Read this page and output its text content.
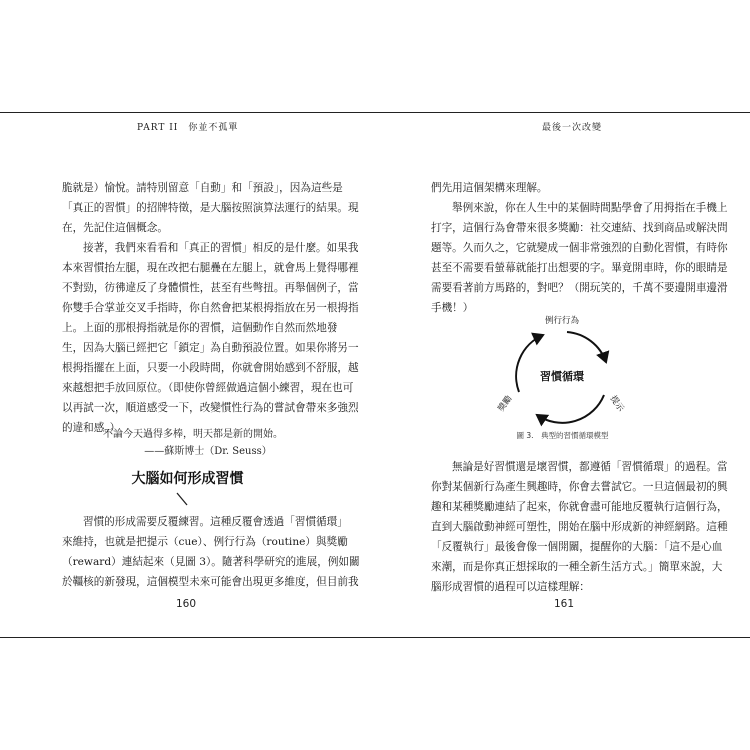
PART II　你並不孤單
脆就是）愉悅。請特別留意「自動」和「預設」，因為這些是
「真正的習慣」的招牌特徵，是大腦按照演算法運行的結果。現
在，先記住這個概念。
接著，我們來看看和「真正的習慣」相反的是什麼。如果我
本來習慣抬左腿，現在改把右腿疊在左腿上，就會馬上覺得哪裡
不對勁，彷彿違反了身體慣性，甚至有些彆扭。再舉個例子，當
你雙手合掌並交叉手指時，你自然會把某根拇指放在另一根拇指
上。上面的那根拇指就是你的習慣，這個動作自然而然地發
生，因為大腦已經把它「鎖定」為自動預設位置。如果你將另一
根拇指擺在上面，只要一小段時間，你就會開始感到不舒服，越
來越想把手放回原位。（即使你曾經做過這個小練習，現在也可
以再試一次，順道感受一下，改變慣性行為的嘗試會帶來多強烈
的違和感。）
不論今天過得多棒，明天都是新的開始。
——蘇斯博士（Dr. Seuss）
大腦如何形成習慣
習慣的形成需要反覆練習。這種反覆會透過「習慣循環」
來維持，也就是把提示（cue）、例行行為（routine）與獎勵
（reward）連結起來（見圖 3）。隨著科學研究的進展，例如關
於韁核的新發現，這個模型未來可能會出現更多維度，但目前我
160
最後一次改變
們先用這個架構來理解。
舉例來說，你在人生中的某個時間點學會了用拇指在手機上
打字，這個行為會帶來很多獎勵：社交連結、找到商品或解決問
題等。久而久之，它就變成一個非常強烈的自動化習慣，有時你
甚至不需要看螢幕就能打出想要的字。畢竟開車時，你的眼睛是
需要看著前方馬路的，對吧？（開玩笑的，千萬不要邊開車邊滑
手機！）
習慣循環
例行行為
提示
獎勵
圖 3.　典型的習慣循環模型
無論是好習慣還是壞習慣，都遵循「習慣循環」的過程。當
你對某個新行為產生興趣時，你會去嘗試它。一旦這個最初的興
趣和某種獎勵連結了起來，你就會盡可能地反覆執行這個行為，
直到大腦啟動神經可塑性，開始在腦中形成新的神經網路。這種
「反覆執行」最後會像一個開關，提醒你的大腦：「這不是心血
來潮，而是你真正想採取的一種全新生活方式。」簡單來說，大
腦形成習慣的過程可以這樣理解：
161
